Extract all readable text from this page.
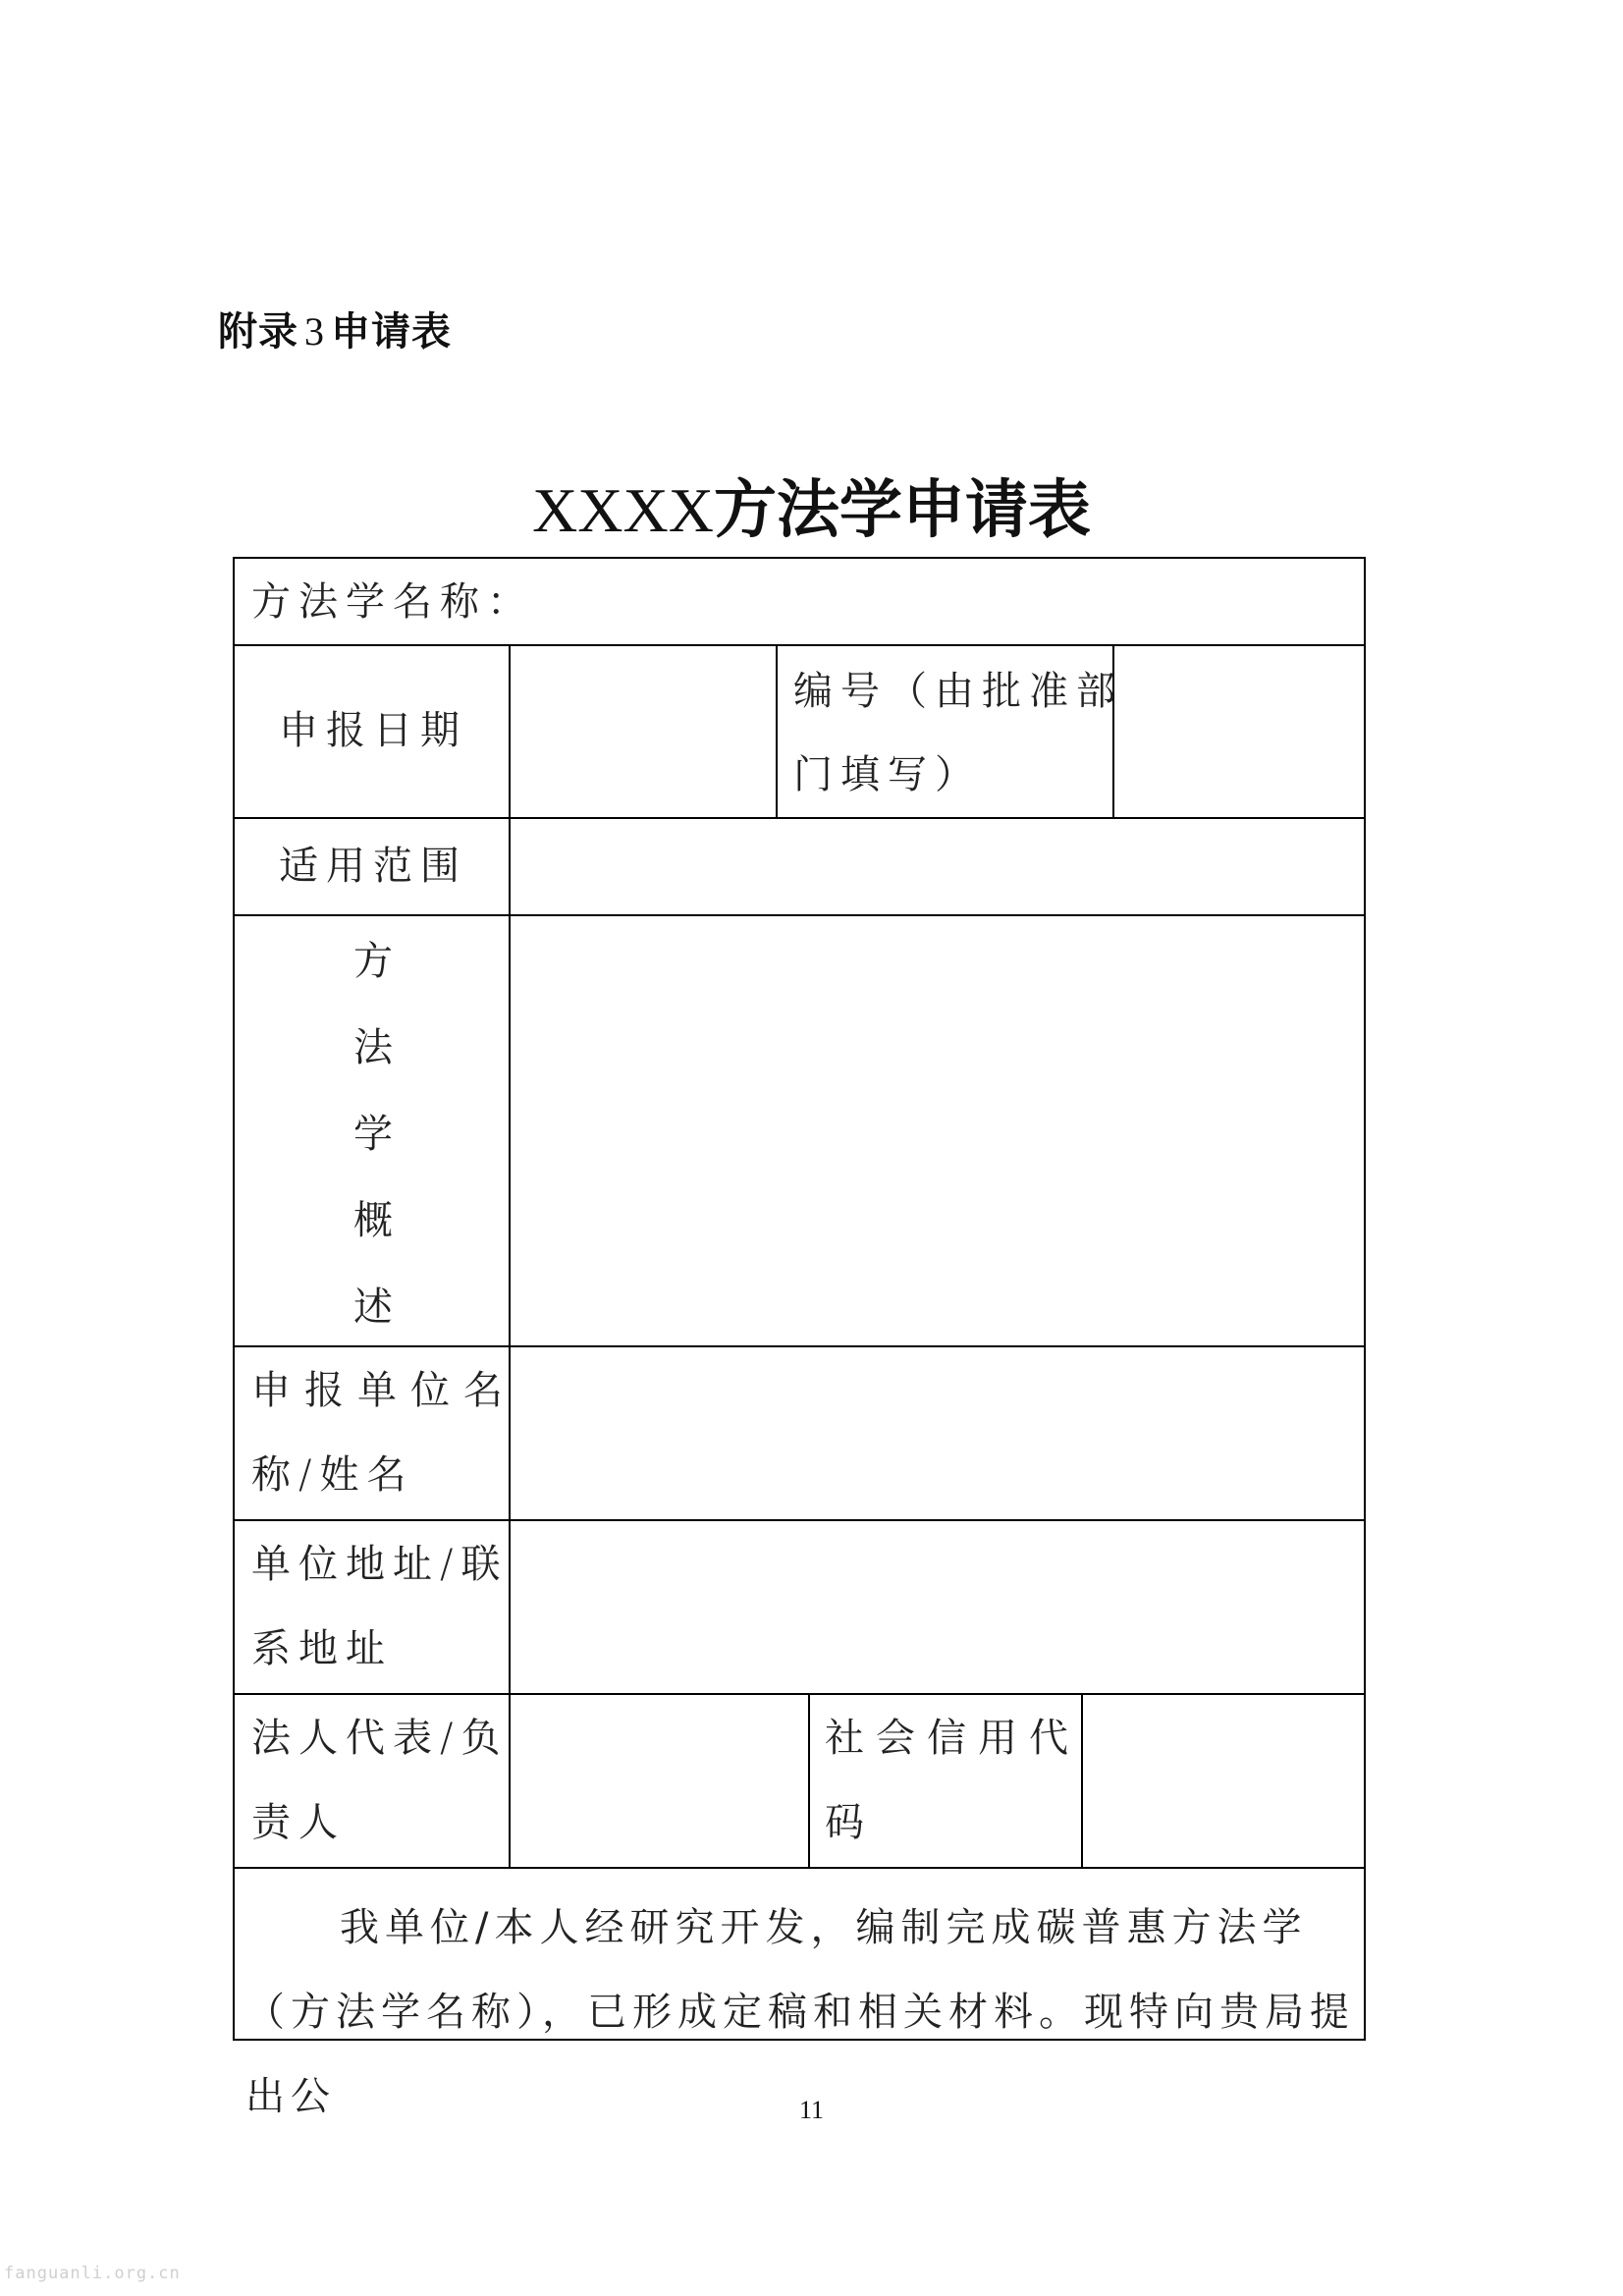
附录 3 申请表
XXXX方法学申请表
方法学名称：
申报日期
编号（由批准部
门填写）
适用范围
方
法
学
概
述
申报单位名
称/姓名
单位地址/联
系地址
法人代表/负
责人
社会信用代
码
我单位/本人经研究开发，编制完成碳普惠方法学（方法学名称），已形成定稿和相关材料。现特向贵局提出公	11
fanguanli.org.cn
